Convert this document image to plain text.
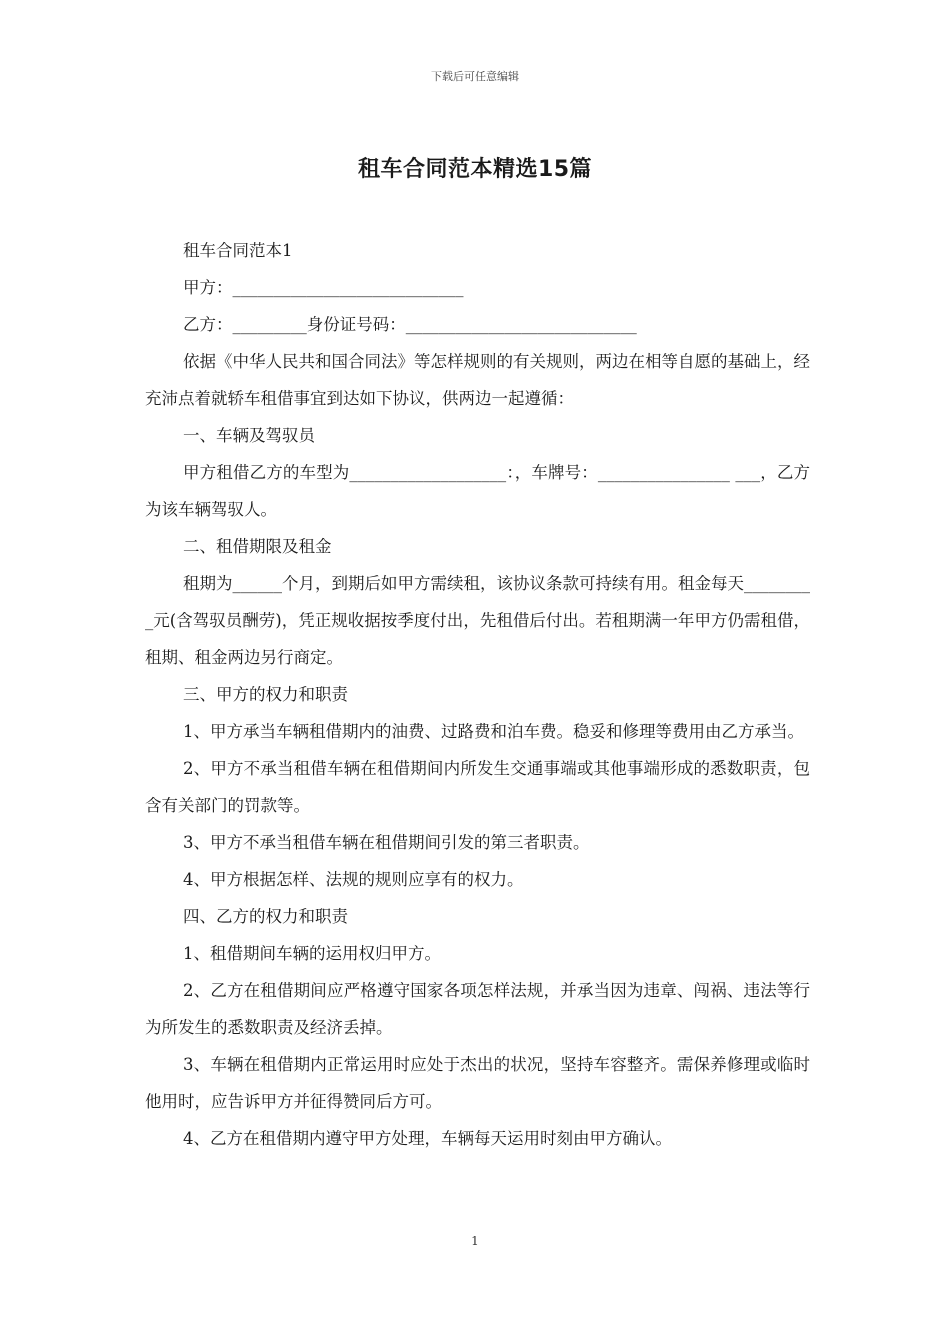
下载后可任意编辑
租车合同范本精选15篇

租车合同范本1

甲方：____________________________

乙方：_________身份证号码：____________________________

依据《中华人民共和国合同法》等怎样规则的有关规则，两边在相等自愿的基础上，经充沛点着就轿车租借事宜到达如下协议，供两边一起遵循：

一、车辆及驾驭员

甲方租借乙方的车型为___________________：，车牌号：________________ ___，乙方为该车辆驾驭人。

二、租借期限及租金

租期为______个月，到期后如甲方需续租，该协议条款可持续有用。租金每天_________元(含驾驭员酬劳)，凭正规收据按季度付出，先租借后付出。若租期满一年甲方仍需租借，租期、租金两边另行商定。

三、甲方的权力和职责

1、甲方承当车辆租借期内的油费、过路费和泊车费。稳妥和修理等费用由乙方承当。

2、甲方不承当租借车辆在租借期间内所发生交通事端或其他事端形成的悉数职责，包含有关部门的罚款等。

3、甲方不承当租借车辆在租借期间引发的第三者职责。

4、甲方根据怎样、法规的规则应享有的权力。

四、乙方的权力和职责

1、租借期间车辆的运用权归甲方。

2、乙方在租借期间应严格遵守国家各项怎样法规，并承当因为违章、闯祸、违法等行为所发生的悉数职责及经济丢掉。

3、车辆在租借期内正常运用时应处于杰出的状况，坚持车容整齐。需保养修理或临时他用时，应告诉甲方并征得赞同后方可。

4、乙方在租借期内遵守甲方处理，车辆每天运用时刻由甲方确认。

1
